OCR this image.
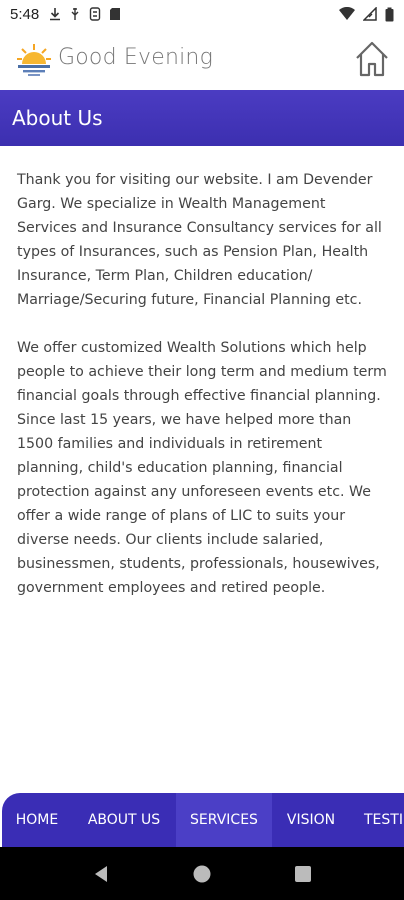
5:48
Good Evening
About Us

Thank you for visiting our website. I am Devender Garg. We specialize in Wealth Management Services and Insurance Consultancy services for all types of Insurances, such as Pension Plan, Health Insurance, Term Plan, Children education/ Marriage/Securing future, Financial Planning etc.

We offer customized Wealth Solutions which help people to achieve their long term and medium term financial goals through effective financial planning. Since last 15 years, we have helped more than 1500 families and individuals in retirement planning, child's education planning, financial protection against any unforeseen events etc. We offer a wide range of plans of LIC to suits your diverse needs. Our clients include salaried, businessmen, students, professionals, housewives, government employees and retired people.

HOME	ABOUT US	SERVICES	VISION	TESTI
